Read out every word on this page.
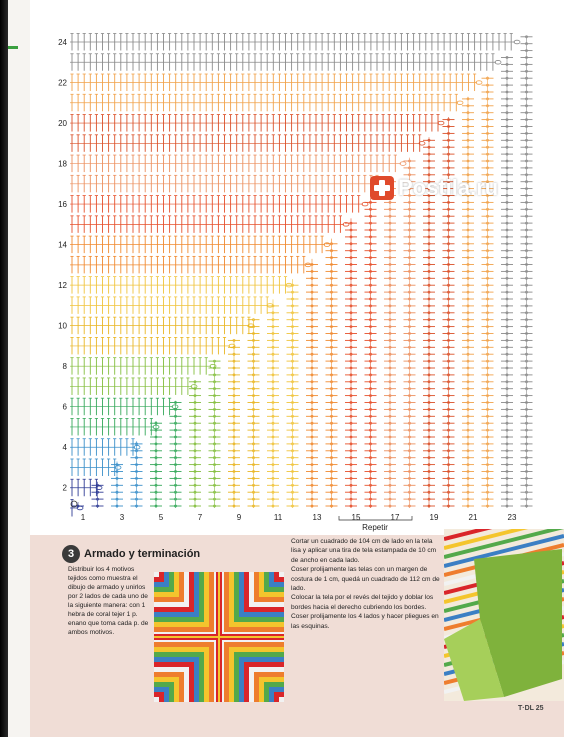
2
4
6
8
10
12
14
16
18
20
22
24
1	3	5	7	9	11	13	15	17	19	21	23
Repetir
3 Armado y terminación
Distribuir los 4 motivos tejidos como muestra el dibujo de armado y unirlos por 2 lados de cada uno de la siguiente manera: con 1 hebra de coral tejer 1 p. enano que toma cada p. de ambos motivos.

Cortar un cuadrado de 104 cm de lado en la tela lisa y aplicar una tira de tela estampada de 10 cm de ancho en cada lado.

Coser prolijamente las telas con un margen de costura de 1 cm, quedá un cuadrado de 112 cm de lado.

Colocar la tela por el revés del tejido y doblar los bordes hacia el derecho cubriendo los bordes.

Coser prolijamente los 4 lados y hacer pliegues en las esquinas.

T·DL 25
Postila.ru
